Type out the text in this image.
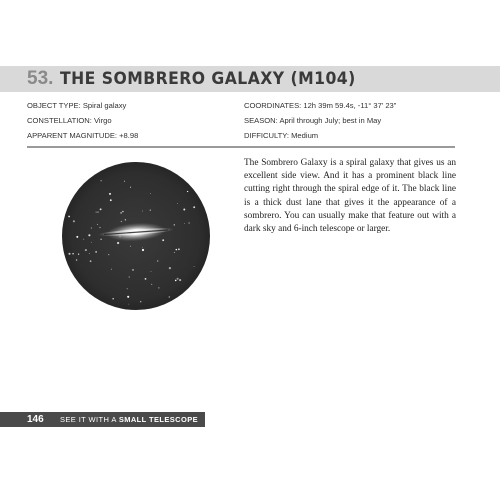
53. THE SOMBRERO GALAXY (M104)
OBJECT TYPE: Spiral galaxy
CONSTELLATION: Virgo
APPARENT MAGNITUDE: +8.98
COORDINATES: 12h 39m 59.4s, -11° 37’ 23”
SEASON: April through July; best in May
DIFFICULTY: Medium
The Sombrero Galaxy is a spiral galaxy that gives us an excellent side view. And it has a prominent black line cutting right through the spiral edge of it. The black line is a thick dust lane that gives it the appearance of a sombrero. You can usually make that feature out with a dark sky and 6-inch telescope or larger.
146 SEE IT WITH A SMALL TELESCOPE
